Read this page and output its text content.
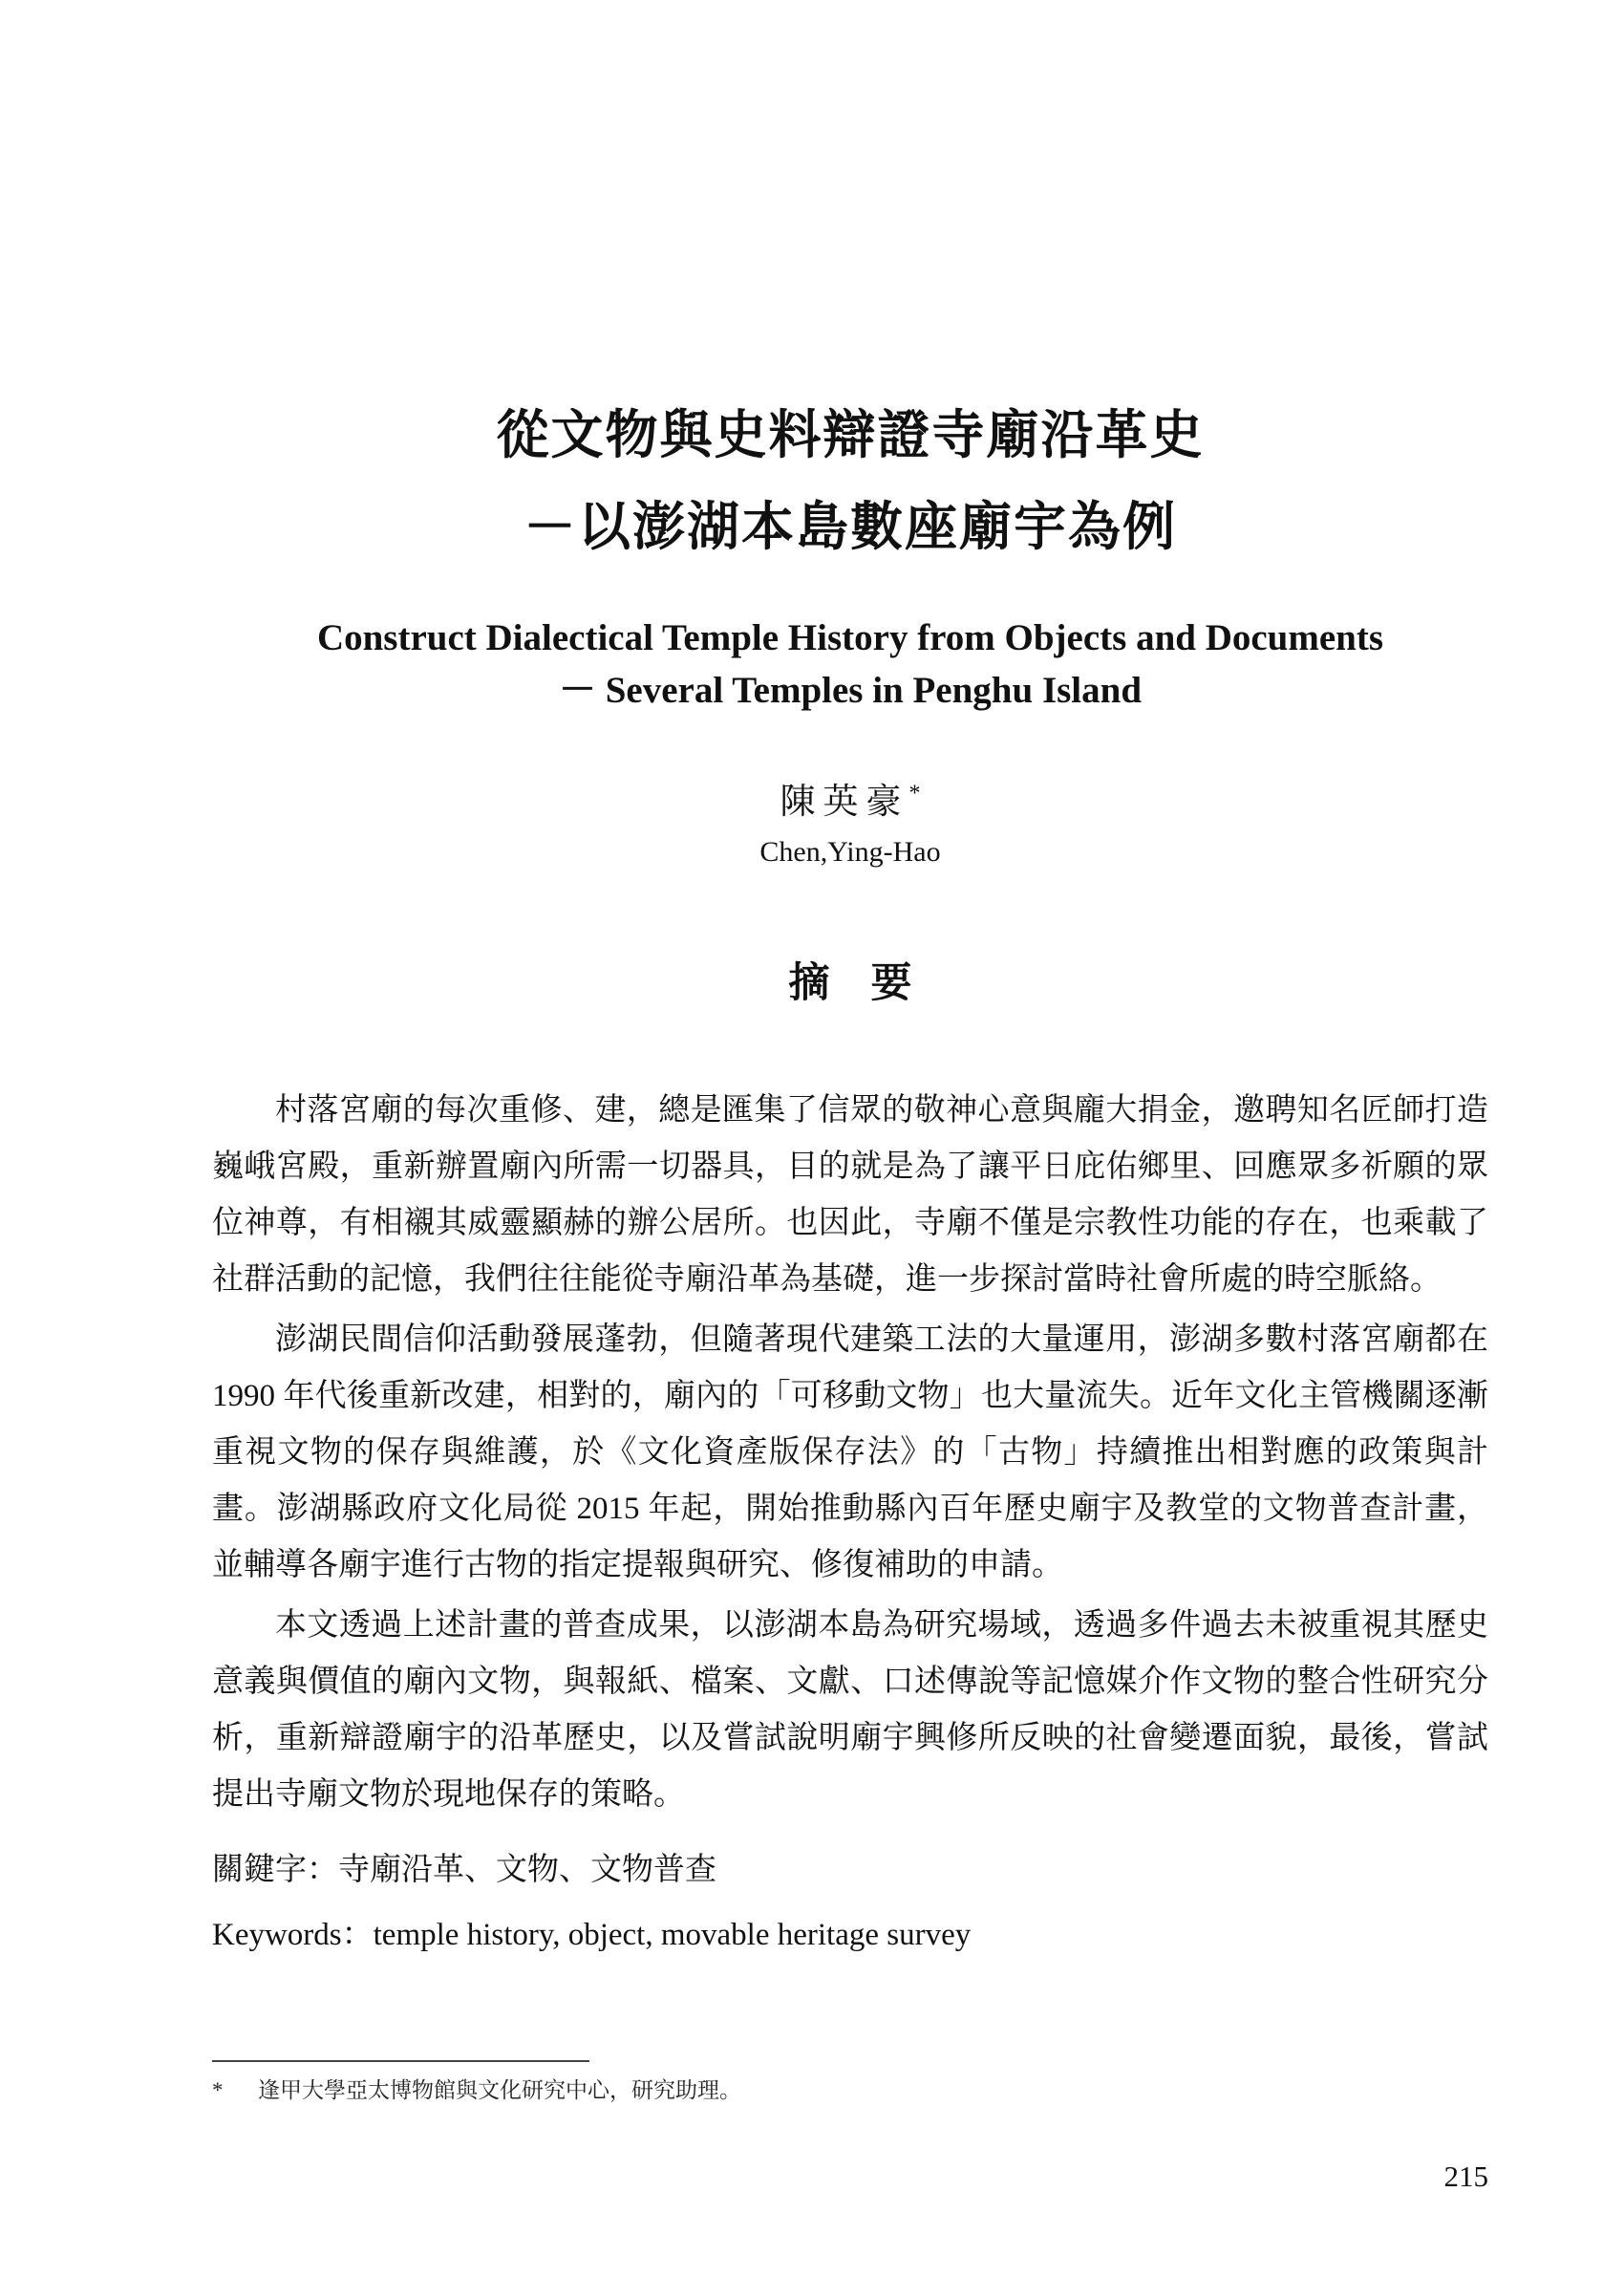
從文物與史料辯證寺廟沿革史
－以澎湖本島數座廟宇為例
Construct Dialectical Temple History from Objects and Documents
－ Several Temples in Penghu Island
陳英豪*
Chen,Ying-Hao
摘　要

村落宮廟的每次重修、建，總是匯集了信眾的敬神心意與龐大捐金，邀聘知名匠師打造巍峨宮殿，重新辦置廟內所需一切器具，目的就是為了讓平日庇佑鄉里、回應眾多祈願的眾位神尊，有相襯其威靈顯赫的辦公居所。也因此，寺廟不僅是宗教性功能的存在，也乘載了社群活動的記憶，我們往往能從寺廟沿革為基礎，進一步探討當時社會所處的時空脈絡。

澎湖民間信仰活動發展蓬勃，但隨著現代建築工法的大量運用，澎湖多數村落宮廟都在 1990 年代後重新改建，相對的，廟內的「可移動文物」也大量流失。近年文化主管機關逐漸重視文物的保存與維護，於《文化資產版保存法》的「古物」持續推出相對應的政策與計畫。澎湖縣政府文化局從 2015 年起，開始推動縣內百年歷史廟宇及教堂的文物普查計畫，並輔導各廟宇進行古物的指定提報與研究、修復補助的申請。

本文透過上述計畫的普查成果，以澎湖本島為研究場域，透過多件過去未被重視其歷史意義與價值的廟內文物，與報紙、檔案、文獻、口述傳說等記憶媒介作文物的整合性研究分析，重新辯證廟宇的沿革歷史，以及嘗試說明廟宇興修所反映的社會變遷面貌，最後，嘗試提出寺廟文物於現地保存的策略。

關鍵字：寺廟沿革、文物、文物普查

Keywords：temple history, object, movable heritage survey

* 逢甲大學亞太博物館與文化研究中心，研究助理。
215
